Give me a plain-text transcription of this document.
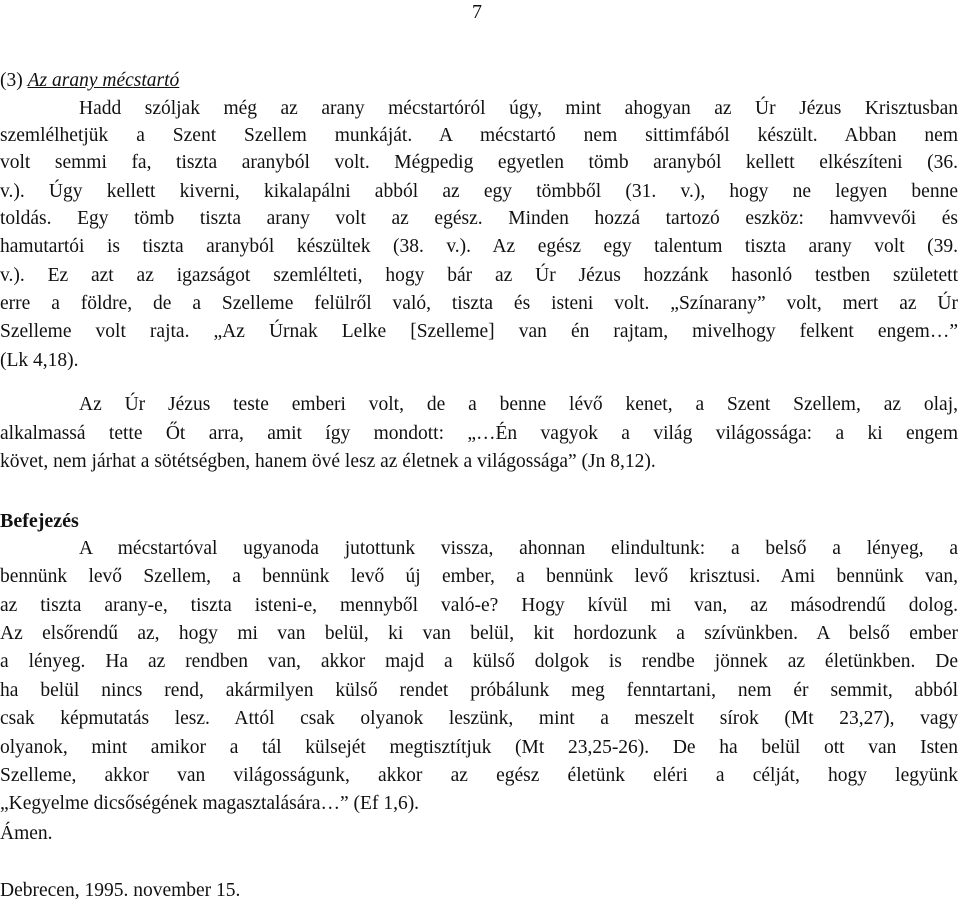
7
(3) Az arany mécstartó
Hadd szóljak még az arany mécstartóról úgy, mint ahogyan az Úr Jézus Krisztusban
szemlélhetjük a Szent Szellem munkáját. A mécstartó nem sittimfából készült. Abban nem
volt semmi fa, tiszta aranyból volt. Mégpedig egyetlen tömb aranyból kellett elkészíteni (36.
v.). Úgy kellett kiverni, kikalapálni abból az egy tömbből (31. v.), hogy ne legyen benne
toldás. Egy tömb tiszta arany volt az egész. Minden hozzá tartozó eszköz: hamvvevői és
hamutartói is tiszta aranyból készültek (38. v.). Az egész egy talentum tiszta arany volt (39.
v.). Ez azt az igazságot szemlélteti, hogy bár az Úr Jézus hozzánk hasonló testben született
erre a földre, de a Szelleme felülről való, tiszta és isteni volt. „Színarany” volt, mert az Úr
Szelleme volt rajta. „Az Úrnak Lelke [Szelleme] van én rajtam, mivelhogy felkent engem…”
(Lk 4,18).
Az Úr Jézus teste emberi volt, de a benne lévő kenet, a Szent Szellem, az olaj,
alkalmassá tette Őt arra, amit így mondott: „…Én vagyok a világ világossága: a ki engem
követ, nem járhat a sötétségben, hanem övé lesz az életnek a világossága” (Jn 8,12).
Befejezés
A mécstartóval ugyanoda jutottunk vissza, ahonnan elindultunk: a belső a lényeg, a
bennünk levő Szellem, a bennünk levő új ember, a bennünk levő krisztusi. Ami bennünk van,
az tiszta arany-e, tiszta isteni-e, mennyből való-e? Hogy kívül mi van, az másodrendű dolog.
Az elsőrendű az, hogy mi van belül, ki van belül, kit hordozunk a szívünkben. A belső ember
a lényeg. Ha az rendben van, akkor majd a külső dolgok is rendbe jönnek az életünkben. De
ha belül nincs rend, akármilyen külső rendet próbálunk meg fenntartani, nem ér semmit, abból
csak képmutatás lesz. Attól csak olyanok leszünk, mint a meszelt sírok (Mt 23,27), vagy
olyanok, mint amikor a tál külsejét megtisztítjuk (Mt 23,25-26). De ha belül ott van Isten
Szelleme, akkor van világosságunk, akkor az egész életünk eléri a célját, hogy legyünk
„Kegyelme dicsőségének magasztalására…” (Ef 1,6).
Ámen.
Debrecen, 1995. november 15.
